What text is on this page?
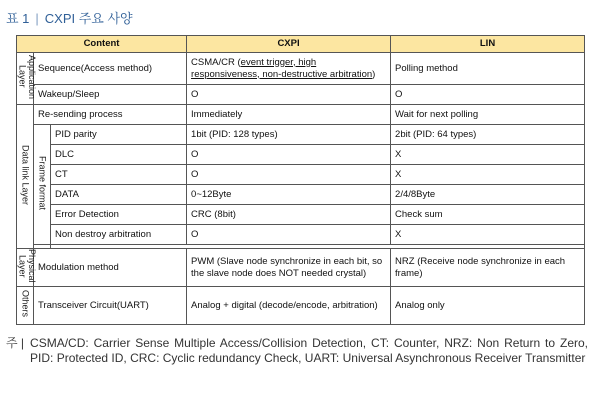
표 1 | CXPI 주요 사양
Content			CXPI	LIN
Application Layer	Sequence(Access method)		CSMA/CR (event trigger, high responsiveness, non-destructive arbitration)	Polling method
	Wakeup/Sleep		O	O
Data link Layer	Re-sending process		Immediately	Wait for next polling
	Frame format	PID parity	1bit (PID: 128 types)	2bit (PID: 64 types)
		DLC	O	X
		CT	O	X
		DATA	0~12Byte	2/4/8Byte
		Error Detection	CRC (8bit)	Check sum
		Non destroy arbitration	O	X

Physical Layer	Modulation method		PWM (Slave node synchronize in each bit, so the slave node does NOT needed crystal)	NRZ (Receive node synchronize in each frame)
Others	Transceiver Circuit(UART)		Analog + digital (decode/encode, arbitration)	Analog only
주 | CSMA/CD: Carrier Sense Multiple Access/Collision Detection, CT: Counter, NRZ: Non Return to Zero, PID: Protected ID, CRC: Cyclic redundancy Check, UART: Universal Asynchronous Receiver Transmitter
